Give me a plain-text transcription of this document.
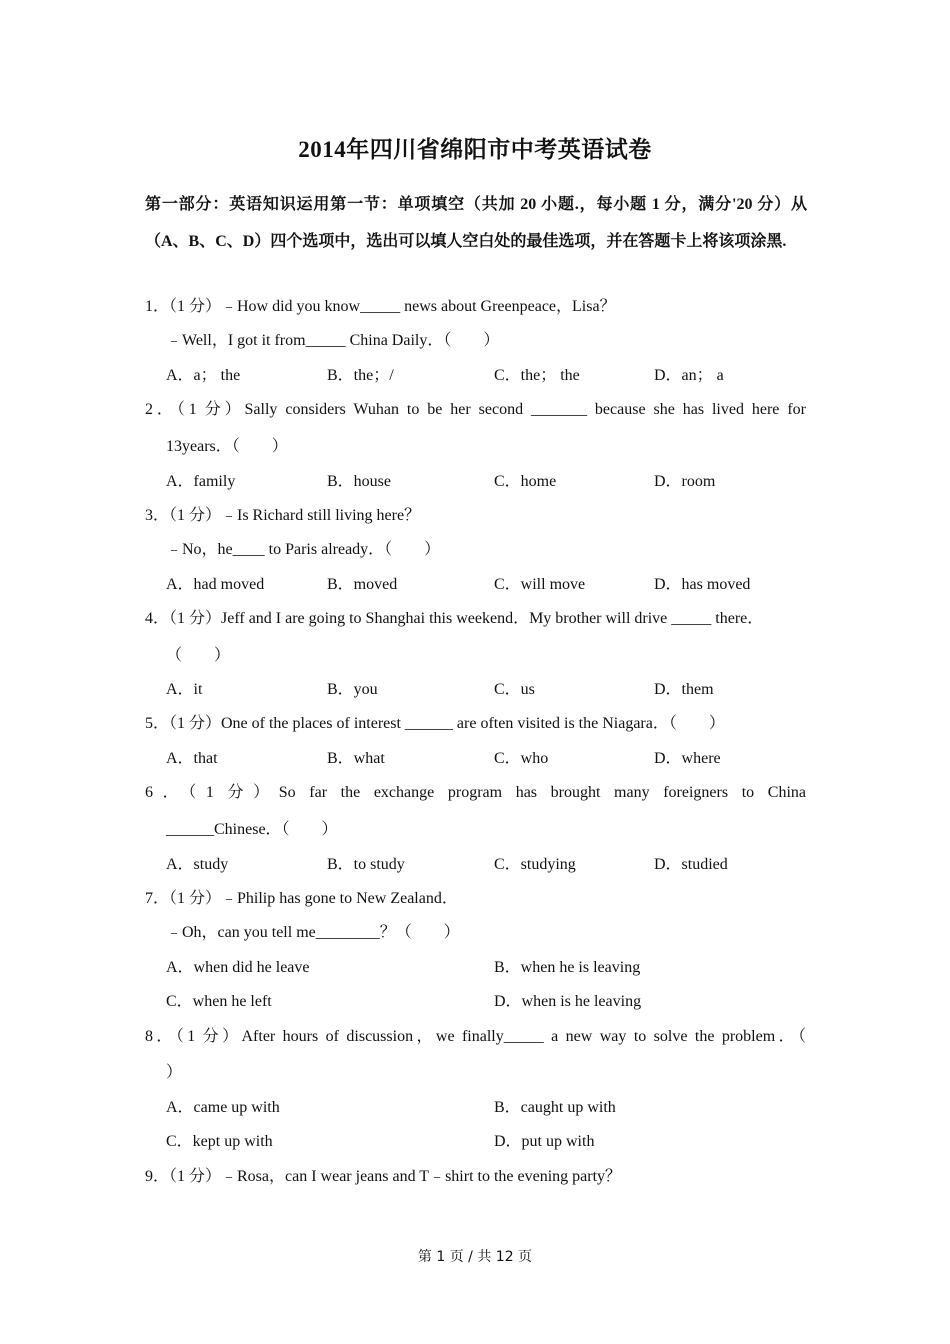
2014年四川省绵阳市中考英语试卷
第一部分：英语知识运用第一节：单项填空（共加 20 小题.，每小题 1 分，满分'20 分）从（A、B、C、D）四个选项中，选出可以填人空白处的最佳选项，并在答题卡上将该项涂黑.
1．（1 分）﹣How did you know_____ news about Greenpeace，Lisa？
﹣Well，I got it from_____ China Daily．（　　）
A．a； the	B．the；/	C．the； the	D．an； a
2．（1 分）Sally considers Wuhan to be her second _______ because she has lived here for
13years．（　　）
A．family	B．house	C．home	D．room
3．（1 分）﹣Is Richard still living here？
﹣No，he____ to Paris already．（　　）
A．had moved	B．moved	C．will move	D．has moved
4．（1 分）Jeff and I are going to Shanghai this weekend．My brother will drive _____ there．
（　　）
A．it	B．you	C．us	D．them
5．（1 分）One of the places of interest ______ are often visited is the Niagara．（　　）
A．that	B．what	C．who	D．where
6．（1 分）So far the exchange program has brought many foreigners to China
______Chinese．（　　）
A．study	B．to study	C．studying	D．studied
7．（1 分）﹣Philip has gone to New Zealand．
﹣Oh，can you tell me________？（　　）
A．when did he leave	B．when he is leaving
C．when he left	D．when is he leaving
8．（1 分）After hours of discussion，we finally_____ a new way to solve the problem．（
）
A．came up with	B．caught up with
C．kept up with	D．put up with
9．（1 分）﹣Rosa，can I wear jeans and T﹣shirt to the evening party？
第 1 页 / 共 12 页
